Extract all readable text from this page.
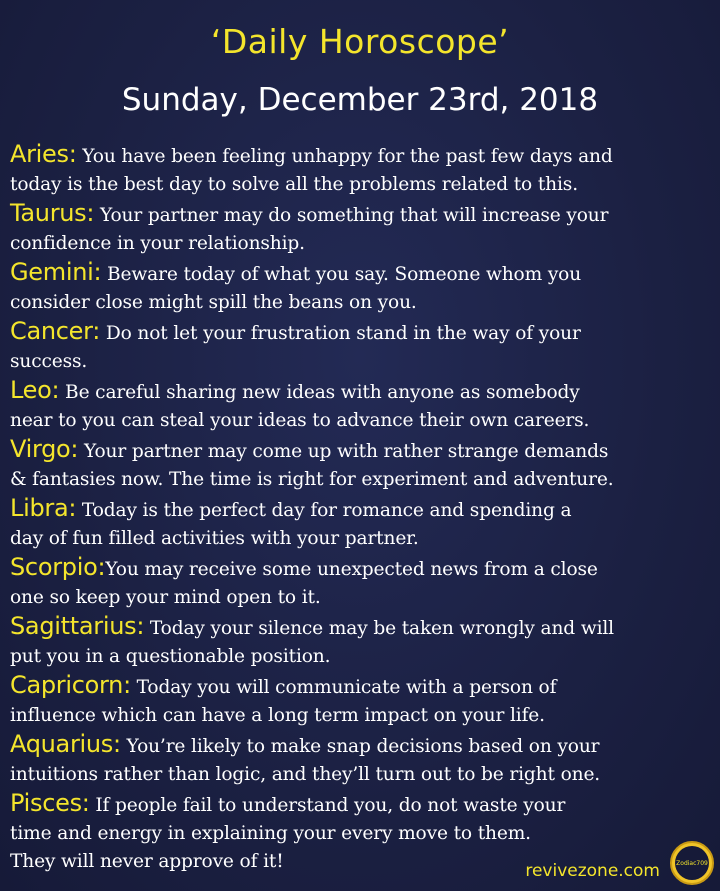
‘Daily Horoscope’
Sunday, December 23rd, 2018
Aries: You have been feeling unhappy for the past few days and
today is the best day to solve all the problems related to this.
Taurus: Your partner may do something that will increase your
confidence in your relationship.
Gemini: Beware today of what you say. Someone whom you
consider close might spill the beans on you.
Cancer: Do not let your frustration stand in the way of your
success.
Leo: Be careful sharing new ideas with anyone as somebody
near to you can steal your ideas to advance their own careers.
Virgo: Your partner may come up with rather strange demands
& fantasies now. The time is right for experiment and adventure.
Libra: Today is the perfect day for romance and spending a
day of fun filled activities with your partner.
Scorpio:You may receive some unexpected news from a close
one so keep your mind open to it.
Sagittarius: Today your silence may be taken wrongly and will
put you in a questionable position.
Capricorn: Today you will communicate with a person of
influence which can have a long term impact on your life.
Aquarius: You’re likely to make snap decisions based on your
intuitions rather than logic, and they’ll turn out to be right one.
Pisces: If people fail to understand you, do not waste your
time and energy in explaining your every move to them.
They will never approve of it!	revivezone.com	Zodiac709
